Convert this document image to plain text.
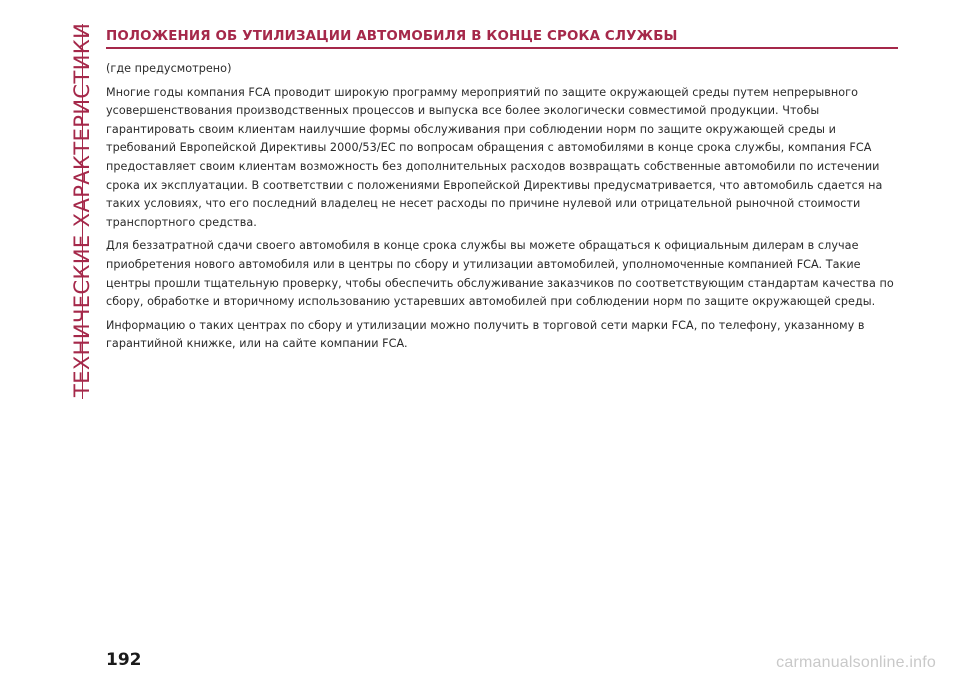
ТЕХНИЧЕСКИЕ ХАРАКТЕРИСТИКИ ПОЛОЖЕНИЯ ОБ УТИЛИЗАЦИИ АВТОМОБИЛЯ В КОНЦЕ СРОКА СЛУЖБЫ

(где предусмотрено)

Многие годы компания FCA проводит широкую программу мероприятий по защите окружающей среды путем непрерывного усовершенствования производственных процессов и выпуска все более экологически совместимой продукции. Чтобы гарантировать своим клиентам наилучшие формы обслуживания при соблюдении норм по защите окружающей среды и требований Европейской Директивы 2000/53/ЕС по вопросам обращения с автомобилями в конце срока службы, компания FCA предоставляет своим клиентам возможность без дополнительных расходов возвращать собственные автомобили по истечении срока их эксплуатации. В соответствии с положениями Европейской Директивы предусматривается, что автомобиль сдается на таких условиях, что его последний владелец не несет расходы по причине нулевой или отрицательной рыночной стоимости транспортного средства.

Для беззатратной сдачи своего автомобиля в конце срока службы вы можете обращаться к официальным дилерам в случае приобретения нового автомобиля или в центры по сбору и утилизации автомобилей, уполномоченные компанией FCA. Такие центры прошли тщательную проверку, чтобы обеспечить обслуживание заказчиков по соответствующим стандартам качества по сбору, обработке и вторичному использованию устаревших автомобилей при соблюдении норм по защите окружающей среды.

Информацию о таких центрах по сбору и утилизации можно получить в торговой сети марки FCA, по телефону, указанному в гарантийной книжке, или на сайте компании FCA.

192	carmanualsonline.info
